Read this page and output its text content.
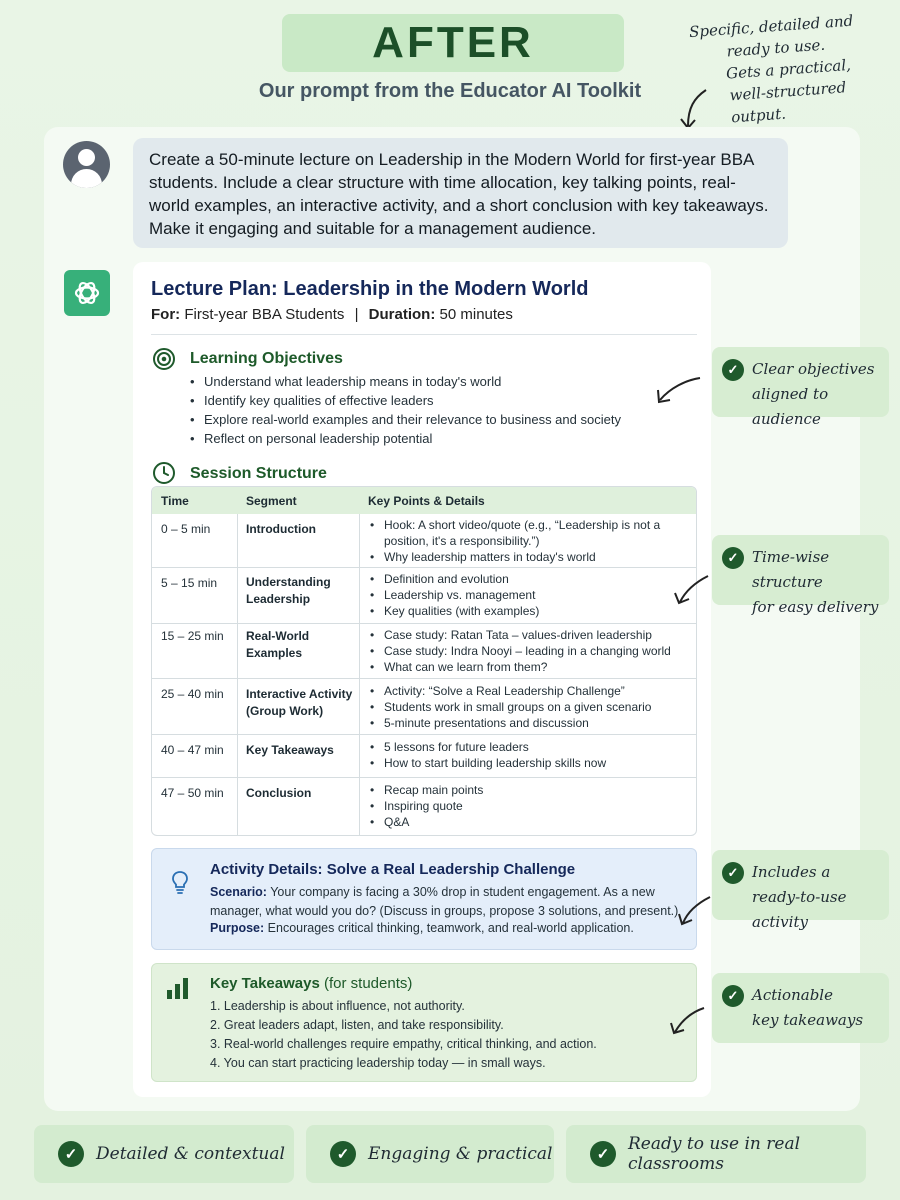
AFTER
Our prompt from the Educator AI Toolkit
Specific, detailed and
ready to use.
Gets a practical,
well-structured output.
Create a 50-minute lecture on Leadership in the Modern World for first-year BBA students. Include a clear structure with time allocation, key talking points, real-world examples, an interactive activity, and a short conclusion with key takeaways. Make it engaging and suitable for a management audience.
Lecture Plan: Leadership in the Modern World
For: First-year BBA Students | Duration: 50 minutes
Learning Objectives
• Understand what leadership means in today's world
• Identify key qualities of effective leaders
• Explore real-world examples and their relevance to business and society
• Reflect on personal leadership potential
Session Structure
Time	Segment	Key Points & Details
0 – 5 min	Introduction	• Hook: A short video/quote (e.g., “Leadership is not a position, it's a responsibility.”)
• Why leadership matters in today's world
5 – 15 min Understanding Leadership
• Definition and evolution
• Leadership vs. management
• Key qualities (with examples)
15 – 25 min Real-World Examples
• Case study: Ratan Tata – values-driven leadership
• Case study: Indra Nooyi – leading in a changing world
• What can we learn from them?
25 – 40 min Interactive Activity (Group Work)
• Activity: “Solve a Real Leadership Challenge”
• Students work in small groups on a given scenario
• 5-minute presentations and discussion
40 – 47 min Key Takeaways	• 5 lessons for future leaders
• How to start building leadership skills now
47 – 50 min Conclusion	• Recap main points
• Inspiring quote
• Q&A
Activity Details: Solve a Real Leadership Challenge
Scenario: Your company is facing a 30% drop in student engagement. As a new manager, what would you do? (Discuss in groups, propose 3 solutions, and present.)
Purpose: Encourages critical thinking, teamwork, and real-world application.
Key Takeaways (for students)
1. Leadership is about influence, not authority.
2. Great leaders adapt, listen, and take responsibility.
3. Real-world challenges require empathy, critical thinking, and action.
4. You can start practicing leadership today — in small ways.
✓ Clear objectives
aligned to audience
✓ Time-wise structure
for easy delivery
✓ Includes a
ready-to-use activity
✓ Actionable
key takeaways
✓	Detailed & contextual	✓	Engaging & practical	✓
Ready to use in real classrooms
